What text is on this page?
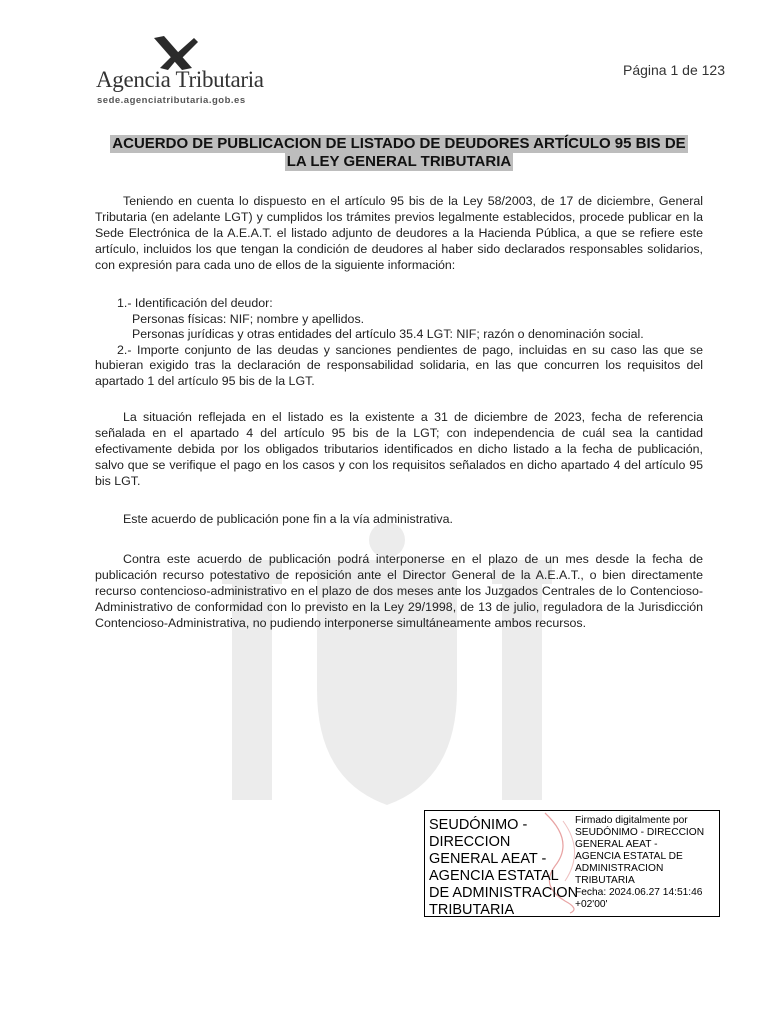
Agencia Tributaria
sede.agenciatributaria.gob.es
Página 1 de 123
ACUERDO DE PUBLICACION DE LISTADO DE DEUDORES ARTÍCULO 95 BIS DE
LA LEY GENERAL TRIBUTARIA
Teniendo en cuenta lo dispuesto en el artículo 95 bis de la Ley 58/2003, de 17 de diciembre, General Tributaria (en adelante LGT) y cumplidos los trámites previos legalmente establecidos, procede publicar en la Sede Electrónica de la A.E.A.T. el listado adjunto de deudores a la Hacienda Pública, a que se refiere este artículo, incluidos los que tengan la condición de deudores al haber sido declarados responsables solidarios, con expresión para cada uno de ellos de la siguiente información:
1.- Identificación del deudor:
Personas físicas: NIF; nombre y apellidos.
Personas jurídicas y otras entidades del artículo 35.4 LGT: NIF; razón o denominación social.
2.- Importe conjunto de las deudas y sanciones pendientes de pago, incluidas en su caso las que se hubieran exigido tras la declaración de responsabilidad solidaria, en las que concurren los requisitos del apartado 1 del artículo 95 bis de la LGT.
La situación reflejada en el listado es la existente a 31 de diciembre de 2023, fecha de referencia señalada en el apartado 4 del artículo 95 bis de la LGT; con independencia de cuál sea la cantidad efectivamente debida por los obligados tributarios identificados en dicho listado a la fecha de publicación, salvo que se verifique el pago en los casos y con los requisitos señalados en dicho apartado 4 del artículo 95 bis LGT.
Este acuerdo de publicación pone fin a la vía administrativa.
Contra este acuerdo de publicación podrá interponerse en el plazo de un mes desde la fecha de publicación recurso potestativo de reposición ante el Director General de la A.E.A.T., o bien directamente recurso contencioso-administrativo en el plazo de dos meses ante los Juzgados Centrales de lo Contencioso-Administrativo de conformidad con lo previsto en la Ley 29/1998, de 13 de julio, reguladora de la Jurisdicción Contencioso-Administrativa, no pudiendo interponerse simultáneamente ambos recursos.
SEUDÓNIMO -
DIRECCION
GENERAL AEAT -
AGENCIA ESTATAL
DE ADMINISTRACION
TRIBUTARIA
Firmado digitalmente por
SEUDÓNIMO - DIRECCION
GENERAL AEAT -
AGENCIA ESTATAL DE
ADMINISTRACION
TRIBUTARIA
Fecha: 2024.06.27 14:51:46
+02'00'
